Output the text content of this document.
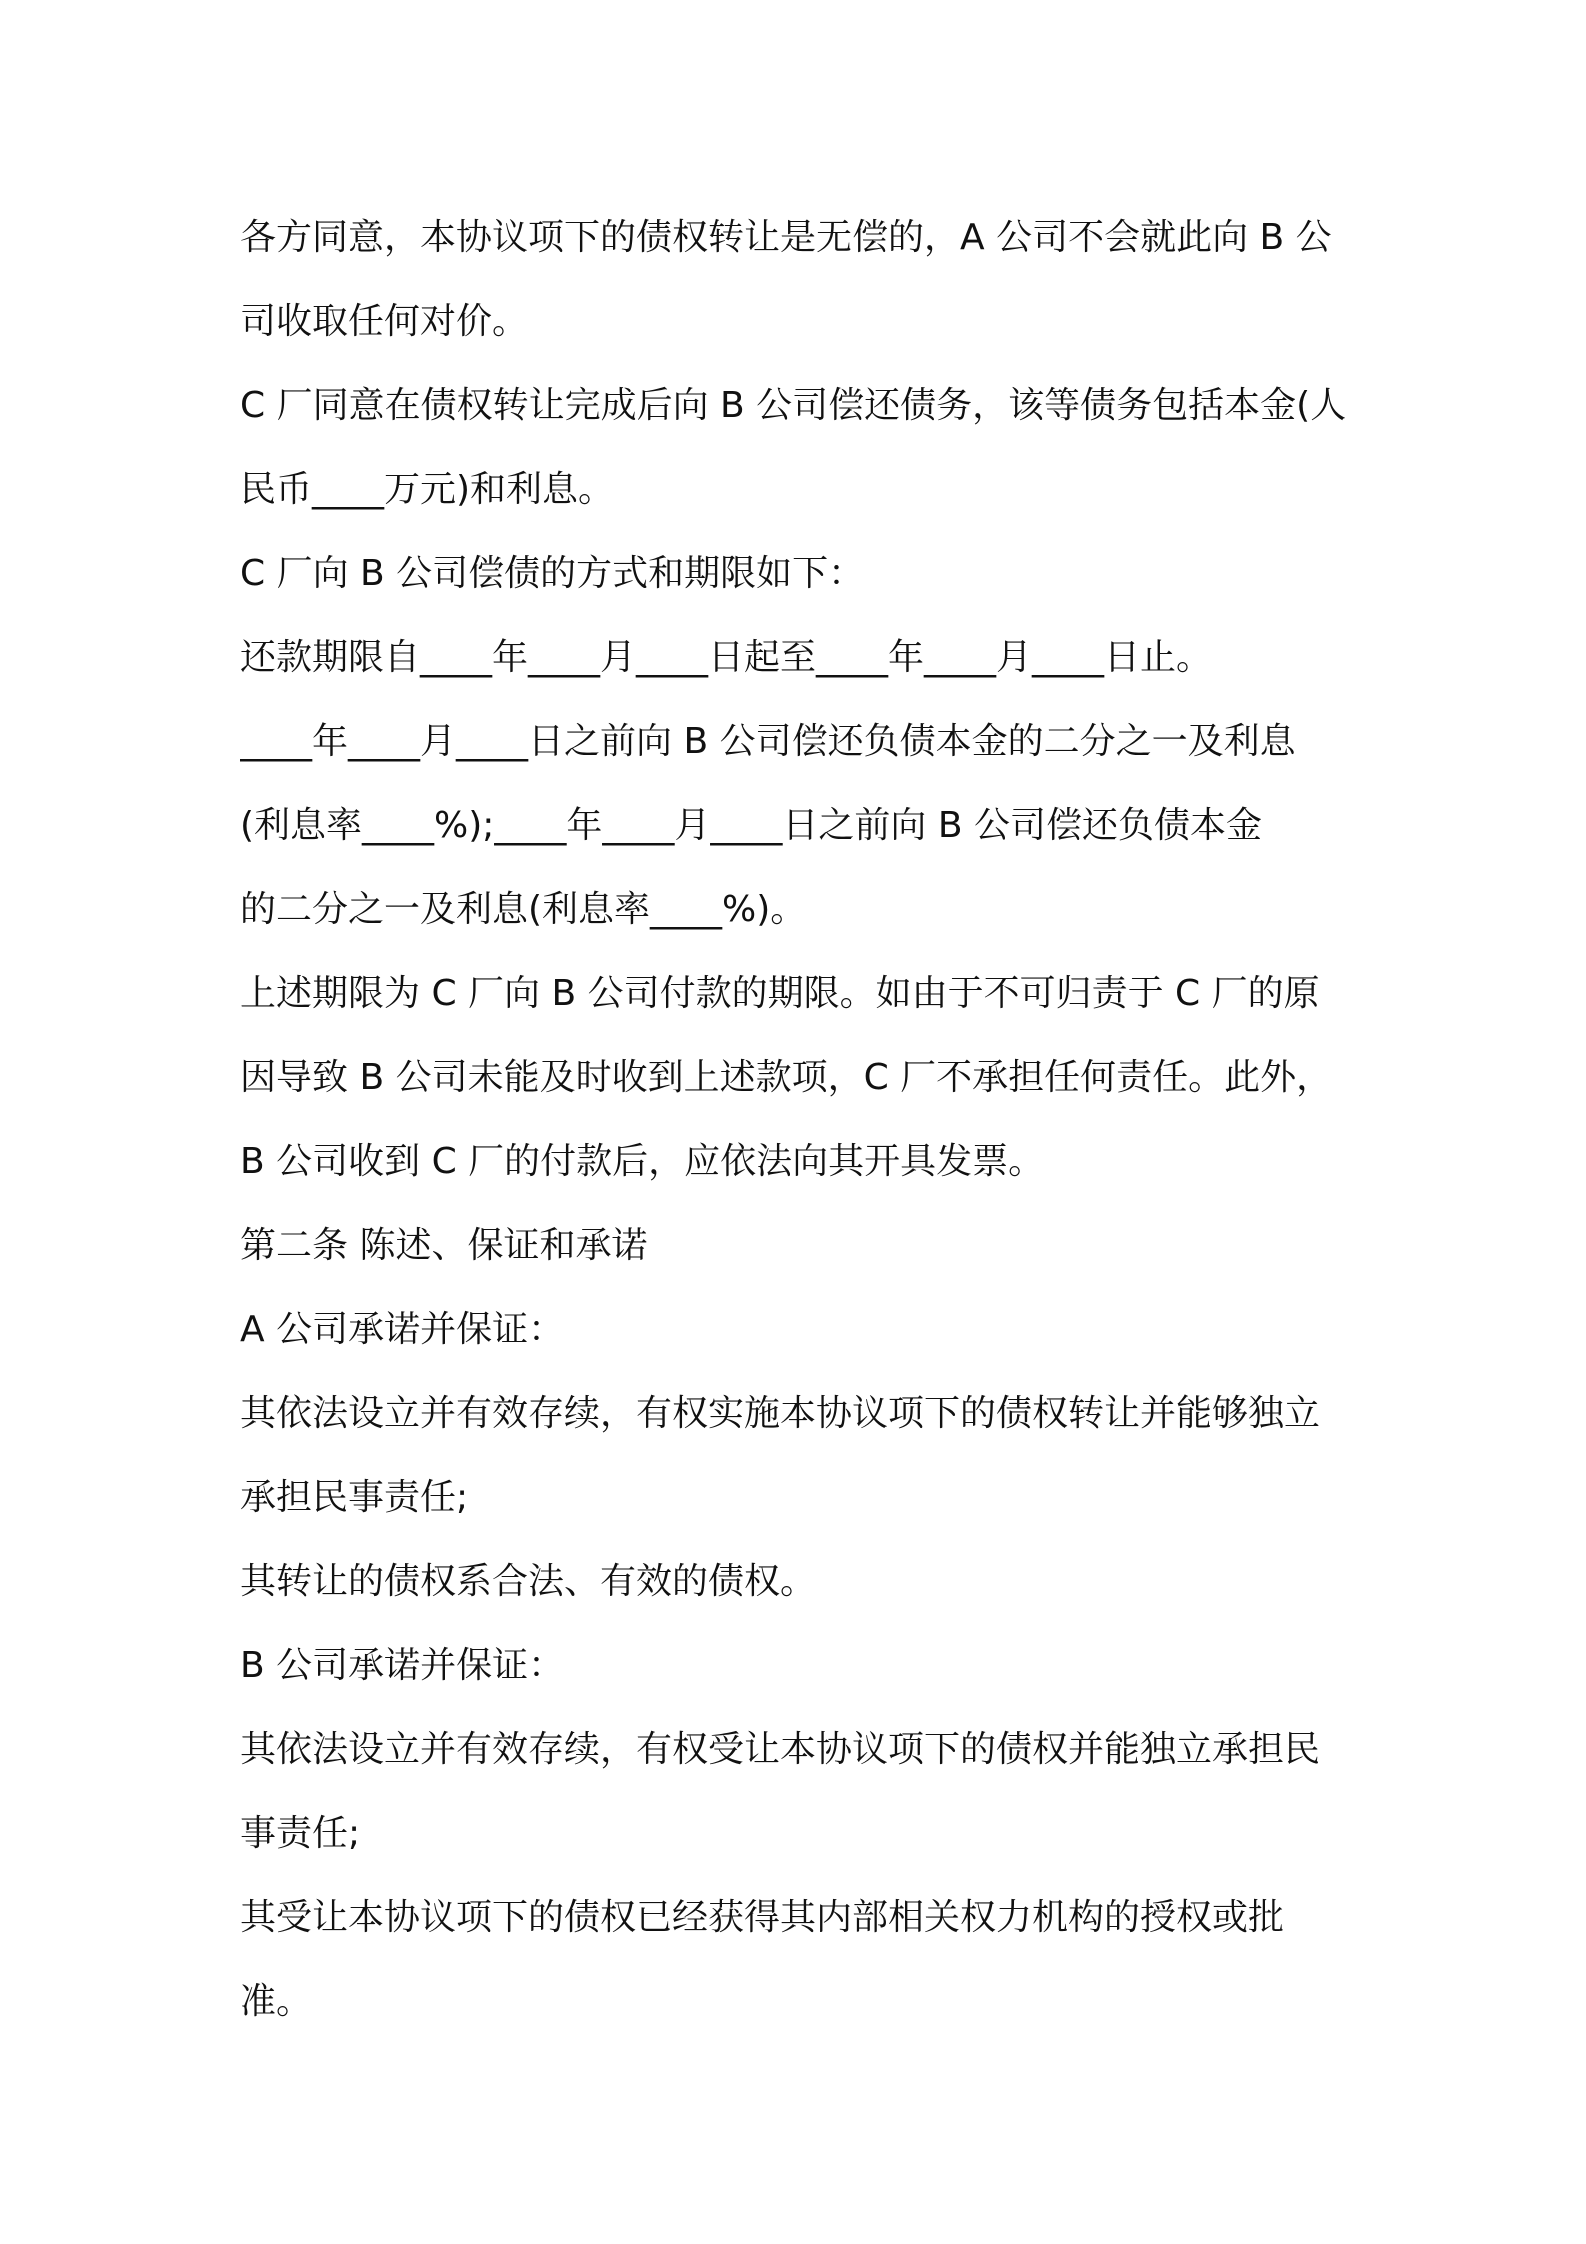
各方同意，本协议项下的债权转让是无偿的，A 公司不会就此向 B 公
司收取任何对价。
C 厂同意在债权转让完成后向 B 公司偿还债务，该等债务包括本金(人
民币____万元)和利息。
C 厂向 B 公司偿债的方式和期限如下：
还款期限自____年____月____日起至____年____月____日止。
____年____月____日之前向 B 公司偿还负债本金的二分之一及利息
(利息率____%);____年____月____日之前向 B 公司偿还负债本金
的二分之一及利息(利息率____%)。
上述期限为 C 厂向 B 公司付款的期限。如由于不可归责于 C 厂的原
因导致 B 公司未能及时收到上述款项，C 厂不承担任何责任。此外，
B 公司收到 C 厂的付款后，应依法向其开具发票。
第二条 陈述、保证和承诺
A 公司承诺并保证：
其依法设立并有效存续，有权实施本协议项下的债权转让并能够独立
承担民事责任;
其转让的债权系合法、有效的债权。
B 公司承诺并保证：
其依法设立并有效存续，有权受让本协议项下的债权并能独立承担民
事责任;
其受让本协议项下的债权已经获得其内部相关权力机构的授权或批
准。
